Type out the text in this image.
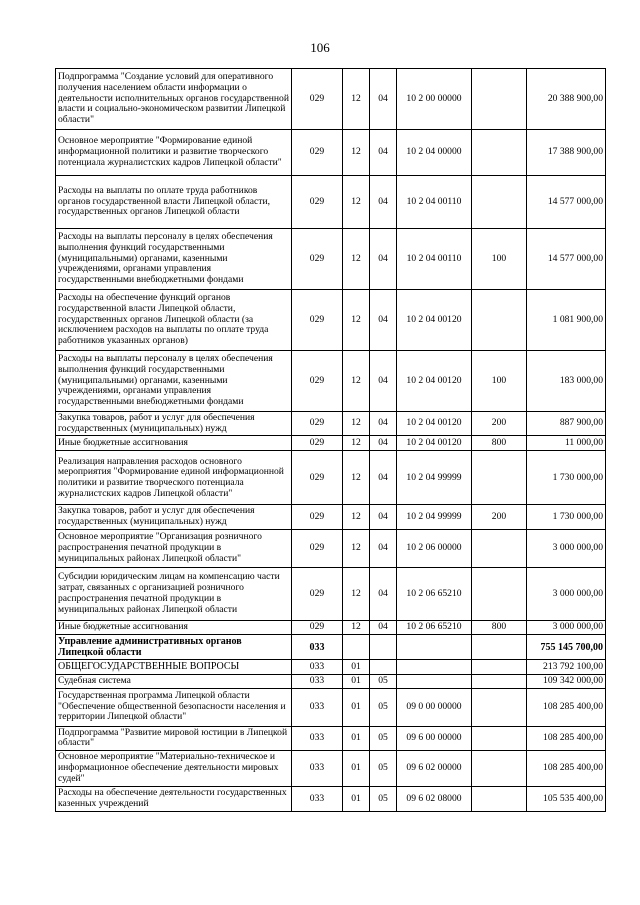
106
Подпрограмма "Создание условий для оперативного получения населением области информации о деятельности исполнительных органов государственной власти и социально-экономическом развитии Липецкой области"	029	12	04	10 2 00 00000		20 388 900,00
Основное мероприятие "Формирование единой информационной политики и развитие творческого потенциала журналистских кадров Липецкой области"	029	12	04	10 2 04 00000		17 388 900,00
Расходы на выплаты по оплате труда работников органов государственной власти Липецкой области, государственных органов Липецкой области	029	12	04	10 2 04 00110		14 577 000,00
Расходы на выплаты персоналу в целях обеспечения выполнения функций государственными (муниципальными) органами, казенными учреждениями, органами управления государственными внебюджетными фондами	029	12	04	10 2 04 00110	100	14 577 000,00
Расходы на обеспечение функций органов государственной власти Липецкой области, государственных органов Липецкой области (за исключением расходов на выплаты по оплате труда работников указанных органов)	029	12	04	10 2 04 00120		1 081 900,00
Расходы на выплаты персоналу в целях обеспечения выполнения функций государственными (муниципальными) органами, казенными учреждениями, органами управления государственными внебюджетными фондами	029	12	04	10 2 04 00120	100	183 000,00
Закупка товаров, работ и услуг для обеспечения государственных (муниципальных) нужд	029	12	04	10 2 04 00120	200	887 900,00
Иные бюджетные ассигнования	029	12	04	10 2 04 00120	800	11 000,00
Реализация направления расходов основного мероприятия "Формирование единой информационной политики и развитие творческого потенциала журналистских кадров Липецкой области"	029	12	04	10 2 04 99999		1 730 000,00
Закупка товаров, работ и услуг для обеспечения государственных (муниципальных) нужд	029	12	04	10 2 04 99999	200	1 730 000,00
Основное мероприятие "Организация розничного распространения печатной продукции в муниципальных районах Липецкой области"	029	12	04	10 2 06 00000		3 000 000,00
Субсидии юридическим лицам на компенсацию части затрат, связанных с организацией розничного распространения печатной продукции в муниципальных районах Липецкой области	029	12	04	10 2 06 65210		3 000 000,00
Иные бюджетные ассигнования	029	12	04	10 2 06 65210	800	3 000 000,00
Управление административных органов Липецкой области	033					755 145 700,00
ОБЩЕГОСУДАРСТВЕННЫЕ ВОПРОСЫ	033	01				213 792 100,00
Судебная система	033	01	05			109 342 000,00
Государственная программа Липецкой области "Обеспечение общественной безопасности населения и территории Липецкой области"	033	01	05	09 0 00 00000		108 285 400,00
Подпрограмма "Развитие мировой юстиции в Липецкой области"	033	01	05	09 6 00 00000		108 285 400,00
Основное мероприятие "Материально-техническое и информационное обеспечение деятельности мировых судей"	033	01	05	09 6 02 00000		108 285 400,00
Расходы на обеспечение деятельности государственных казенных учреждений	033	01	05	09 6 02 08000		105 535 400,00
